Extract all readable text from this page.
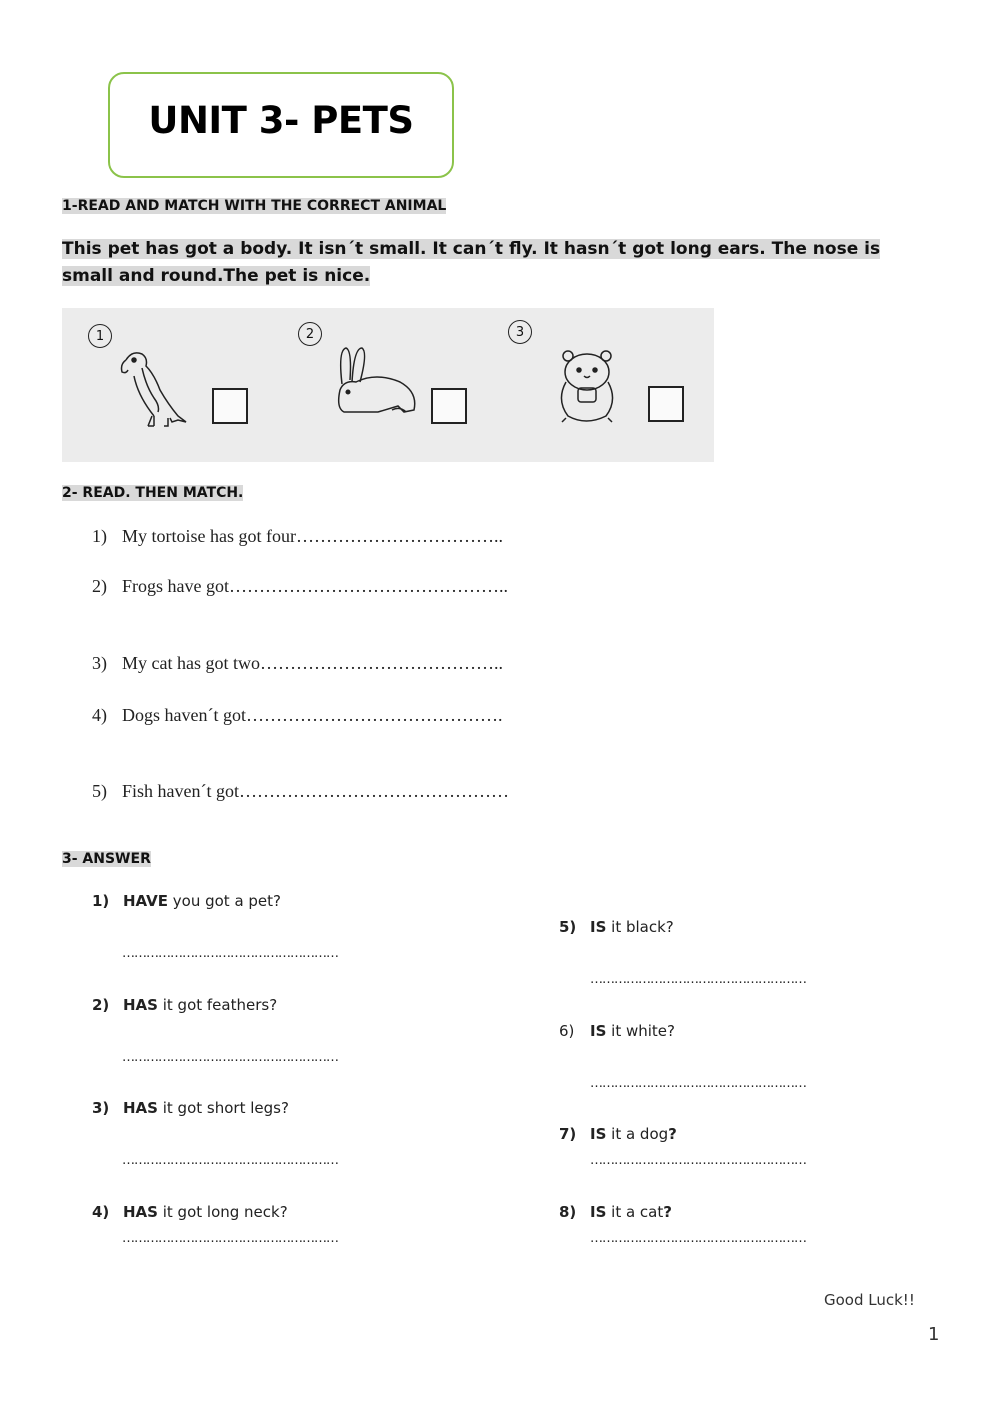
UNIT 3- PETS
1-READ AND MATCH WITH THE CORRECT ANIMAL
This pet has got a body. It isn´t small. It can´t fly. It hasn´t got long ears. The nose is small and round.The pet is nice.
1	2	3
2- READ. THEN MATCH.
1) My tortoise has got four……………………………..
2) Frogs have got………………………………………..
3) My cat has got two…………………………………..
4) Dogs haven´t got…………………………………….
5) Fish haven´t got………………………………………
3- ANSWER
1) HAVE you got a pet?
………………………………………………
2) HAS it got feathers?
………………………………………………
3) HAS it got short legs?
………………………………………………
4) HAS it got long neck?
………………………………………………
5) IS it black?
………………………………………………
6) IS it white?
………………………………………………
7) IS it a dog?
………………………………………………
8) IS it a cat?
………………………………………………
Good Luck!!
1
